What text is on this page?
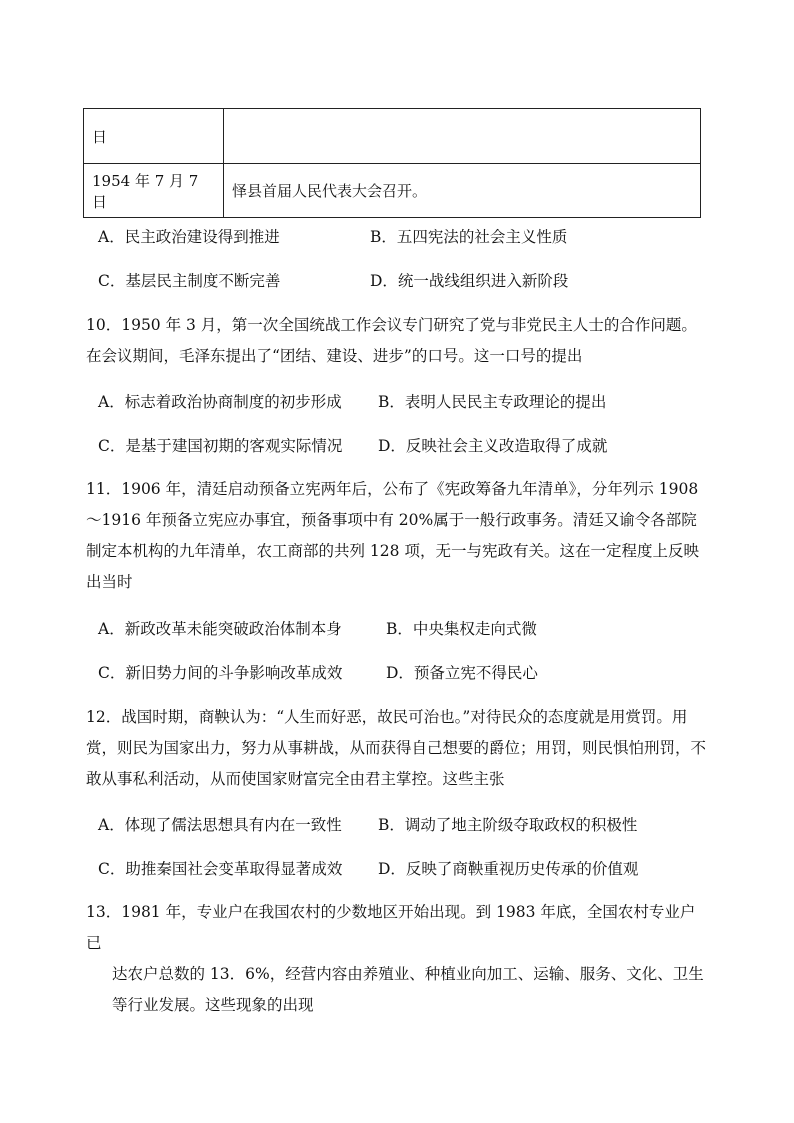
日	
1954 年 7 月 7 日	怿县首届人民代表大会召开。
A．民主政治建设得到推进	B．五四宪法的社会主义性质
C．基层民主制度不断完善	D．统一战线组织进入新阶段
10．1950 年 3 月，第一次全国统战工作会议专门研究了党与非党民主人士的合作问题。在会议期间，毛泽东提出了“团结、建设、进步”的口号。这一口号的提出
A．标志着政治协商制度的初步形成 B．表明人民民主专政理论的提出
C．是基于建国初期的客观实际情况 D．反映社会主义改造取得了成就
11．1906 年，清廷启动预备立宪两年后，公布了《宪政筹备九年清单》，分年列示 1908～1916 年预备立宪应办事宜，预备事项中有 20%属于一般行政事务。清廷又谕令各部院制定本机构的九年清单，农工商部的共列 128 项，无一与宪政有关。这在一定程度上反映出当时
A．新政改革未能突破政治体制本身	B．中央集权走向式微
C．新旧势力间的斗争影响改革成效	D．预备立宪不得民心
12．战国时期，商鞅认为：“人生而好恶，故民可治也。”对待民众的态度就是用赏罚。用赏，则民为国家出力，努力从事耕战，从而获得自己想要的爵位；用罚，则民惧怕刑罚，不敢从事私利活动，从而使国家财富完全由君主掌控。这些主张
A．体现了儒法思想具有内在一致性 B．调动了地主阶级夺取政权的积极性
C．助推秦国社会变革取得显著成效 D．反映了商鞅重视历史传承的价值观
13．1981 年，专业户在我国农村的少数地区开始出现。到 1983 年底，全国农村专业户已
达农户总数的 13．6%，经营内容由养殖业、种植业向加工、运输、服务、文化、卫生等行业发展。这些现象的出现
